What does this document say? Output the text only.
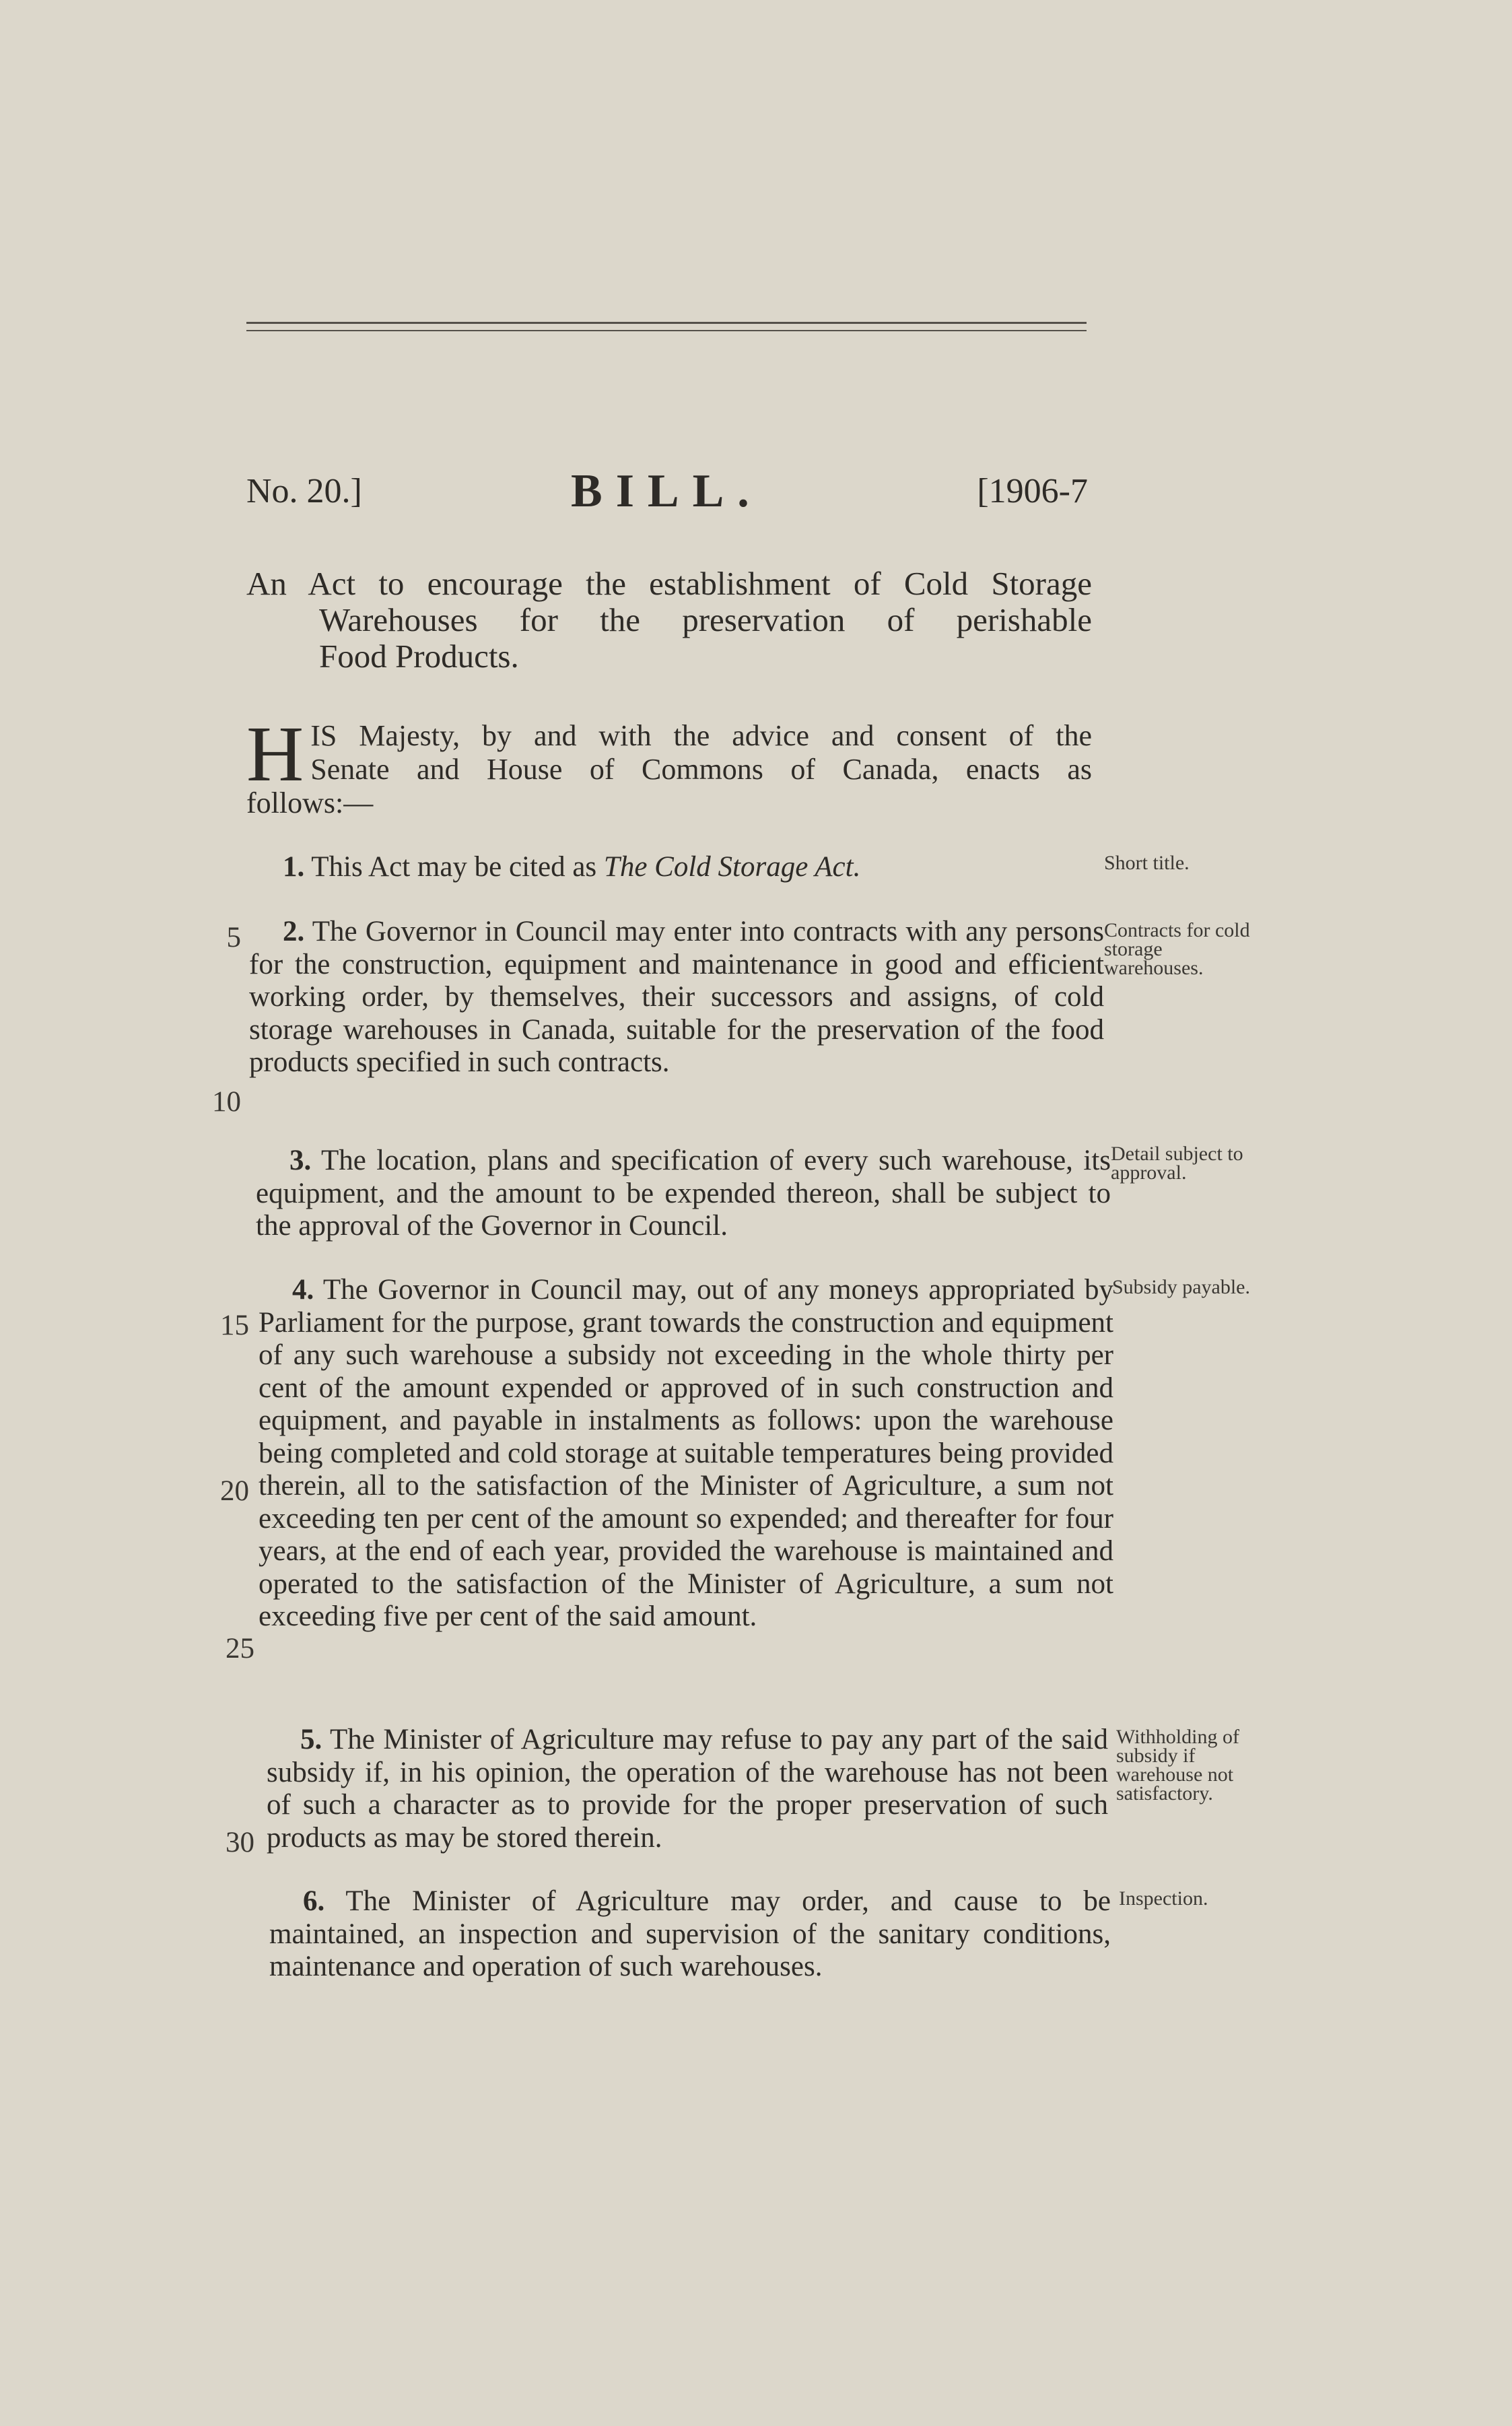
No. 20.]	BILL.	[1906-7
An Act to encourage the establishment of Cold Storage
Warehouses for the preservation of perishable
Food Products.
H IS Majesty, by and with the advice and consent of the
Senate and House of Commons of Canada, enacts as
follows:—
1. This Act may be cited as The Cold Storage Act.	Short title.
2. The Governor in Council may enter into contracts with any persons for the construction, equipment and maintenance in good and efficient working order, by themselves, their successors and assigns, of cold storage warehouses in Canada, suitable for the preservation of the food products specified in such contracts.
Contracts for cold storage warehouses.
5
10
3. The location, plans and specification of every such warehouse, its equipment, and the amount to be expended thereon, shall be subject to the approval of the Governor in Council.
Detail subject to approval.
4. The Governor in Council may, out of any moneys appropriated by Parliament for the purpose, grant towards the construction and equipment of any such warehouse a subsidy not exceeding in the whole thirty per cent of the amount expended or approved of in such construction and equipment, and payable in instalments as follows: upon the warehouse being completed and cold storage at suitable temperatures being provided therein, all to the satisfaction of the Minister of Agriculture, a sum not exceeding ten per cent of the amount so expended; and thereafter for four years, at the end of each year, provided the warehouse is maintained and operated to the satisfaction of the Minister of Agriculture, a sum not exceeding five per cent of the said amount.
Subsidy payable.
15
20
25
5. The Minister of Agriculture may refuse to pay any part of the said subsidy if, in his opinion, the operation of the warehouse has not been of such a character as to provide for the proper preservation of such products as may be stored therein.
Withholding of subsidy if warehouse not satisfactory.
30
6. The Minister of Agriculture may order, and cause to be maintained, an inspection and supervision of the sanitary conditions, maintenance and operation of such warehouses.
Inspection.
